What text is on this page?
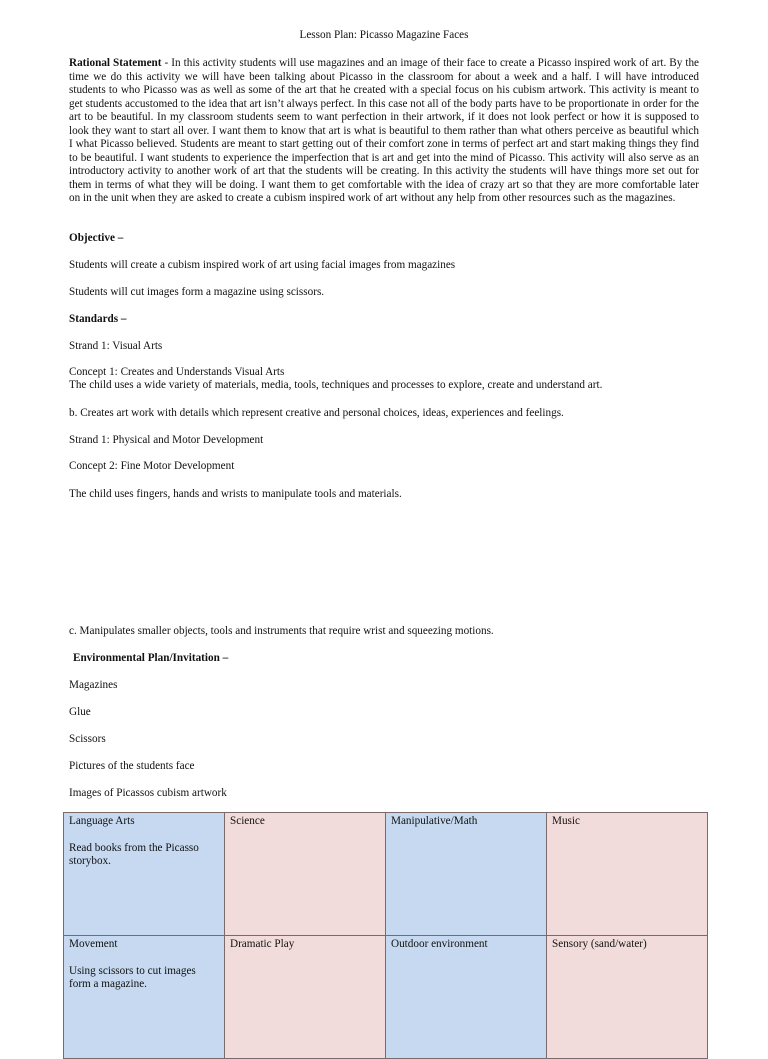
Lesson Plan: Picasso Magazine Faces
Rational Statement - In this activity students will use magazines and an image of their face to create a Picasso inspired work of art. By the time we do this activity we will have been talking about Picasso in the classroom for about a week and a half. I will have introduced students to who Picasso was as well as some of the art that he created with a special focus on his cubism artwork. This activity is meant to get students accustomed to the idea that art isn’t always perfect. In this case not all of the body parts have to be proportionate in order for the art to be beautiful. In my classroom students seem to want perfection in their artwork, if it does not look perfect or how it is supposed to look they want to start all over. I want them to know that art is what is beautiful to them rather than what others perceive as beautiful which I what Picasso believed. Students are meant to start getting out of their comfort zone in terms of perfect art and start making things they find to be beautiful. I want students to experience the imperfection that is art and get into the mind of Picasso. This activity will also serve as an introductory activity to another work of art that the students will be creating. In this activity the students will have things more set out for them in terms of what they will be doing. I want them to get comfortable with the idea of crazy art so that they are more comfortable later on in the unit when they are asked to create a cubism inspired work of art without any help from other resources such as the magazines.
Objective –
Students will create a cubism inspired work of art using facial images from magazines
Students will cut images form a magazine using scissors.
Standards –
Strand 1: Visual Arts
Concept 1: Creates and Understands Visual Arts
The child uses a wide variety of materials, media, tools, techniques and processes to explore, create and understand art.
b. Creates art work with details which represent creative and personal choices, ideas, experiences and feelings.
Strand 1: Physical and Motor Development
Concept 2: Fine Motor Development
The child uses fingers, hands and wrists to manipulate tools and materials.
c. Manipulates smaller objects, tools and instruments that require wrist and squeezing motions.
Environmental Plan/Invitation –
Magazines
Glue
Scissors
Pictures of the students face
Images of Picassos cubism artwork
Language Arts
Read books from the Picasso storybox.	Science	Manipulative/Math	Music

Movement
Using scissors to cut images form a magazine.	Dramatic Play	Outdoor environment	Sensory (sand/water)
